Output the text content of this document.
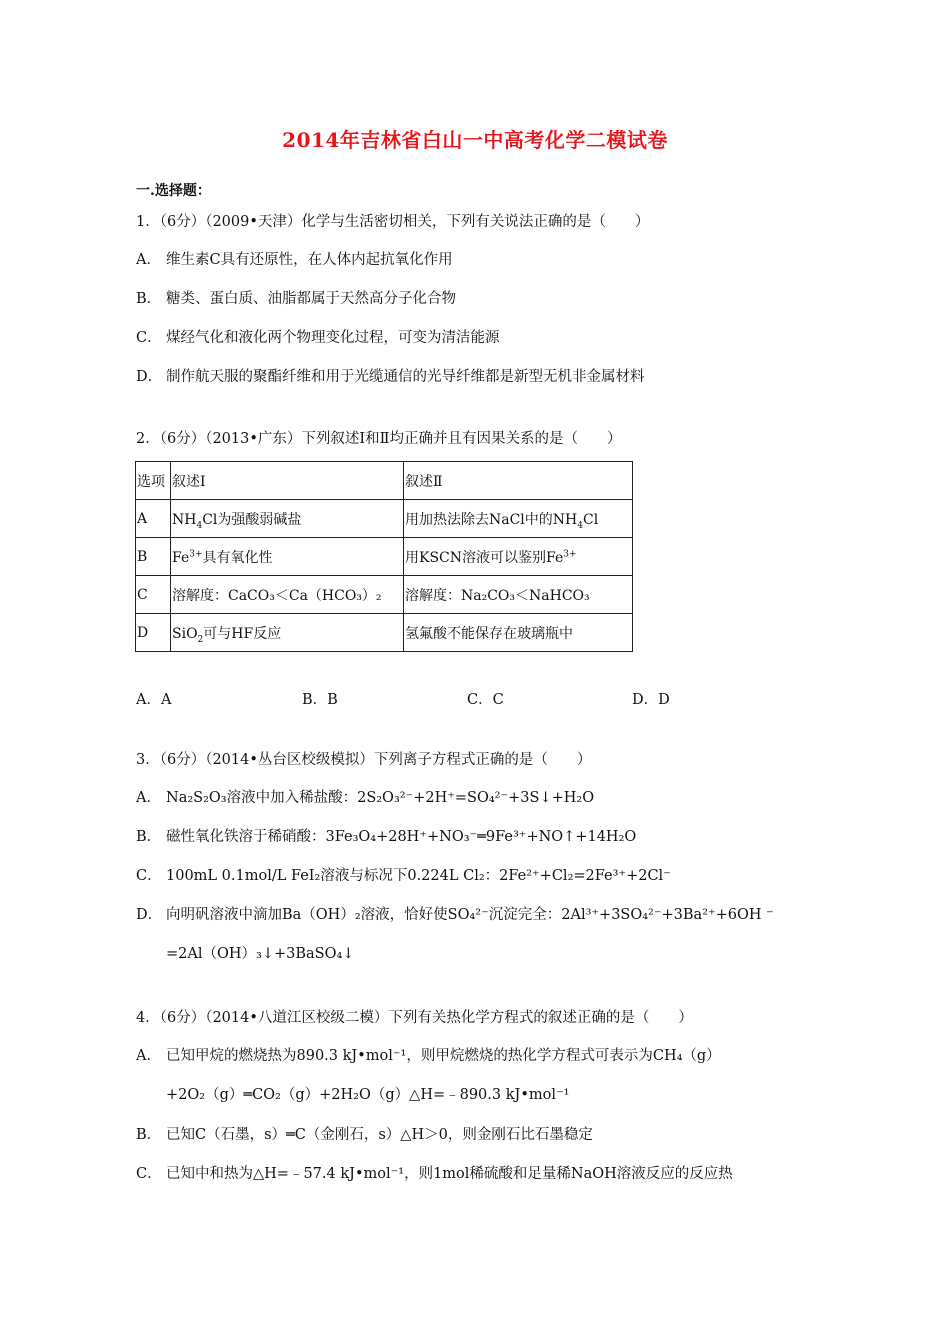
2014年吉林省白山一中高考化学二模试卷
一.选择题：
1．（6分）（2009•天津）化学与生活密切相关，下列有关说法正确的是（　　）
A． 维生素C具有还原性，在人体内起抗氧化作用
B． 糖类、蛋白质、油脂都属于天然高分子化合物
C． 煤经气化和液化两个物理变化过程，可变为清洁能源
D． 制作航天服的聚酯纤维和用于光缆通信的光导纤维都是新型无机非金属材料
2．（6分）（2013•广东）下列叙述Ⅰ和Ⅱ均正确并且有因果关系的是（　　）
选项	叙述Ⅰ	叙述Ⅱ
A	$NH_4Cl$为强酸弱碱盐	用加热法除去NaCl中的$NH_4Cl$
B	$Fe^{3+}$具有氧化性	用KSCN溶液可以鉴别$Fe^{3+}$
C	溶解度：CaCO₃＜Ca（HCO₃）₂	溶解度：Na₂CO₃＜NaHCO₃
D	SiO$_2$可与HF反应	氢氟酸不能保存在玻璃瓶中
A．A	B．B	C．C	D．D
3．（6分）（2014•丛台区校级模拟）下列离子方程式正确的是（　　）
A． Na₂S₂O₃溶液中加入稀盐酸：2S₂O₃²⁻+2H⁺=SO₄²⁻+3S↓+H₂O
B． 磁性氧化铁溶于稀硝酸：3Fe₃O₄+28H⁺+NO₃⁻═9Fe³⁺+NO↑+14H₂O
C． 100mL 0.1mol/L FeI₂溶液与标况下0.224L Cl₂：2Fe²⁺+Cl₂=2Fe³⁺+2Cl⁻
D． 向明矾溶液中滴加Ba（OH）₂溶液，恰好使SO₄²⁻沉淀完全：2Al³⁺+3SO₄²⁻+3Ba²⁺+6OH ⁻
=2Al（OH）₃↓+3BaSO₄↓
4．（6分）（2014•八道江区校级二模）下列有关热化学方程式的叙述正确的是（　　）
A． 已知甲烷的燃烧热为890.3 kJ•mol⁻¹，则甲烷燃烧的热化学方程式可表示为CH₄（g）
+2O₂（g）═CO₂（g）+2H₂O（g）△H=﹣890.3 kJ•mol⁻¹
B． 已知C（石墨，s）═C（金刚石，s）△H＞0，则金刚石比石墨稳定
C． 已知中和热为△H=﹣57.4 kJ•mol⁻¹，则1mol稀硫酸和足量稀NaOH溶液反应的反应热
